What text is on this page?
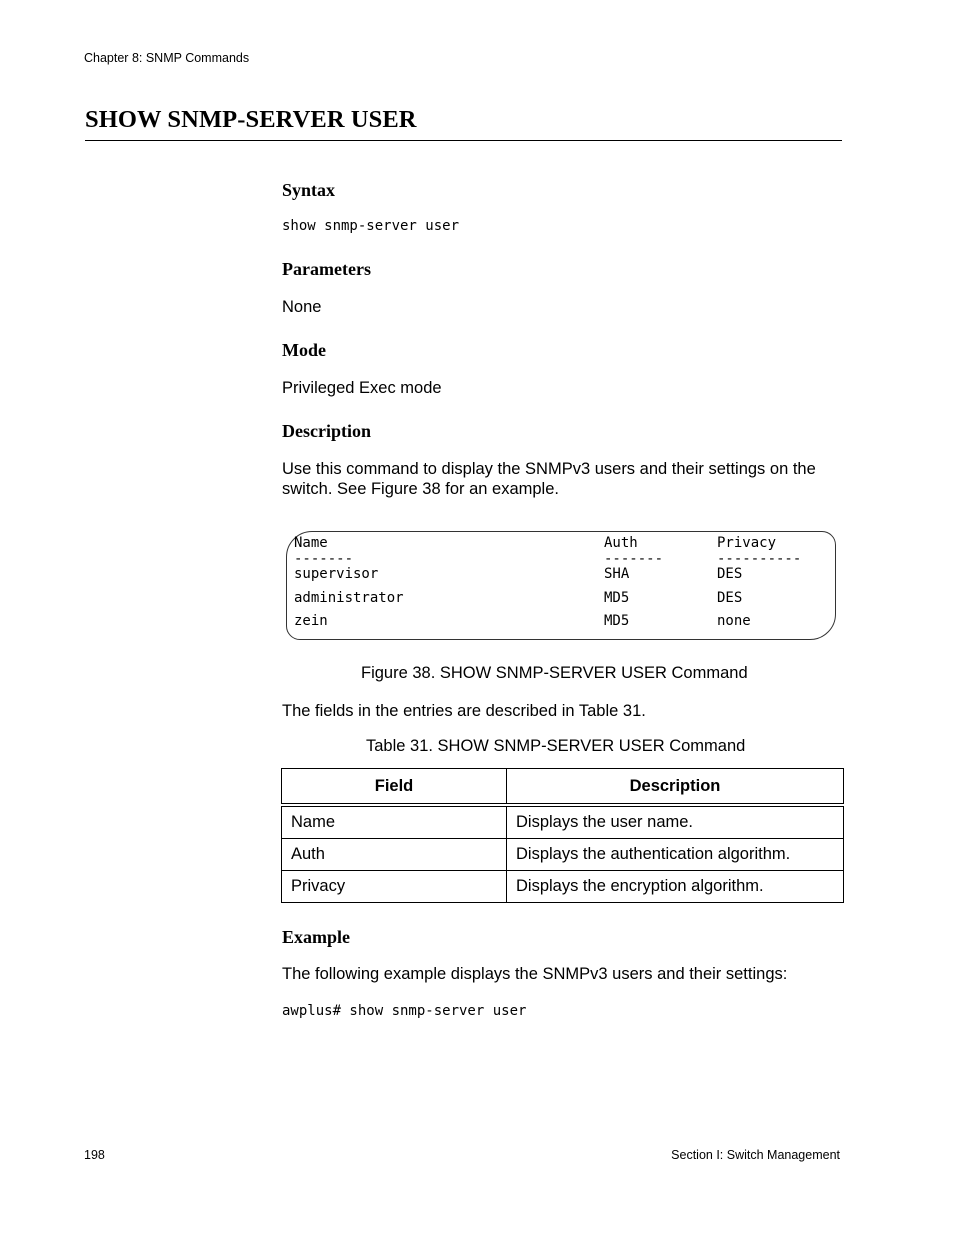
Chapter 8: SNMP Commands
SHOW SNMP-SERVER USER
Syntax
show snmp-server user
Parameters
None
Mode
Privileged Exec mode
Description
Use this command to display the SNMPv3 users and their settings on the
switch. See Figure 38 for an example.
Name	Auth	Privacy
-------	-------	----------
supervisor	SHA	DES
administrator	MD5	DES
zein	MD5	none
Figure 38. SHOW SNMP-SERVER USER Command
The fields in the entries are described in Table 31.
Table 31. SHOW SNMP-SERVER USER Command
Field	Description
Name	Displays the user name.
Auth	Displays the authentication algorithm.
Privacy	Displays the encryption algorithm.
Example
The following example displays the SNMPv3 users and their settings:
awplus# show snmp-server user
198	Section I: Switch Management
